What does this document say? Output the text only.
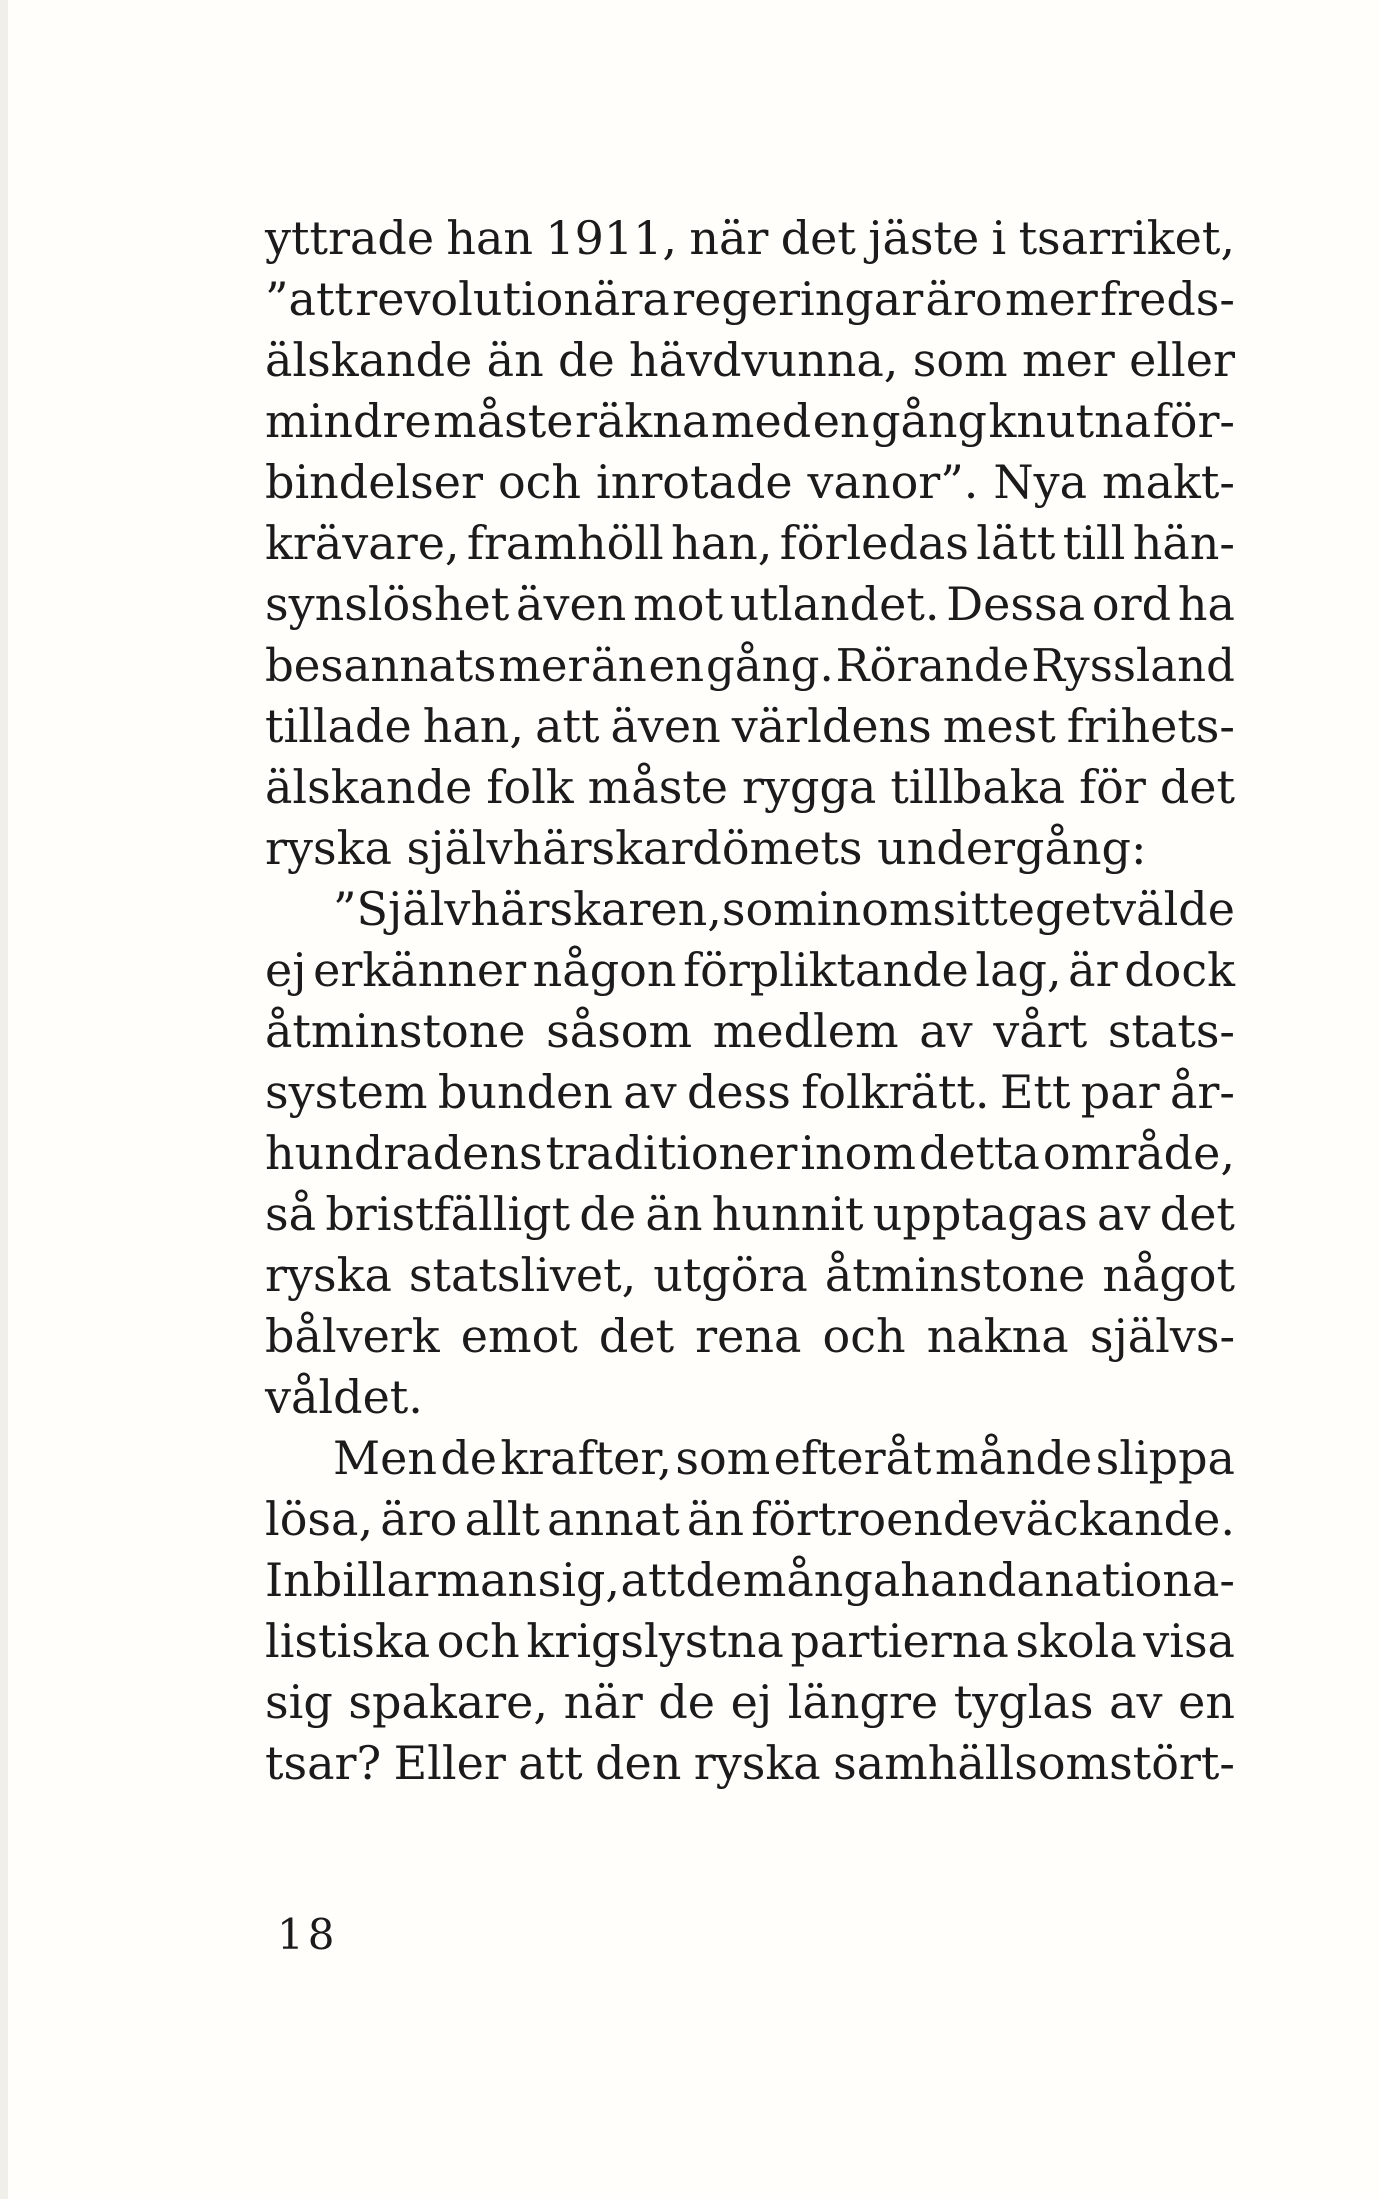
yttrade han 1911, när det jäste i tsarriket,
”att revolutionära regeringar äro mer freds-
älskande än de hävdvunna, som mer eller
mindre måste räkna med en gång knutna för-
bindelser och inrotade vanor”. Nya makt-
krävare, framhöll han, förledas lätt till hän-
synslöshet även mot utlandet. Dessa ord ha
besannats mer än en gång. Rörande Ryssland
tillade han, att även världens mest frihets-
älskande folk måste rygga tillbaka för det
ryska självhärskardömets undergång:
”Självhärskaren, som inom sitt eget välde
ej erkänner någon förpliktande lag, är dock
åtminstone såsom medlem av vårt stats-
system bunden av dess folkrätt. Ett par år-
hundradens traditioner inom detta område,
så bristfälligt de än hunnit upptagas av det
ryska statslivet, utgöra åtminstone något
bålverk emot det rena och nakna självs-
våldet.
Men de krafter, som efteråt månde slippa
lösa, äro allt annat än förtroendeväckande.
Inbillar man sig, att de mångahanda nationa-
listiska och krigslystna partierna skola visa
sig spakare, när de ej längre tyglas av en
tsar? Eller att den ryska samhällsomstört-
18
